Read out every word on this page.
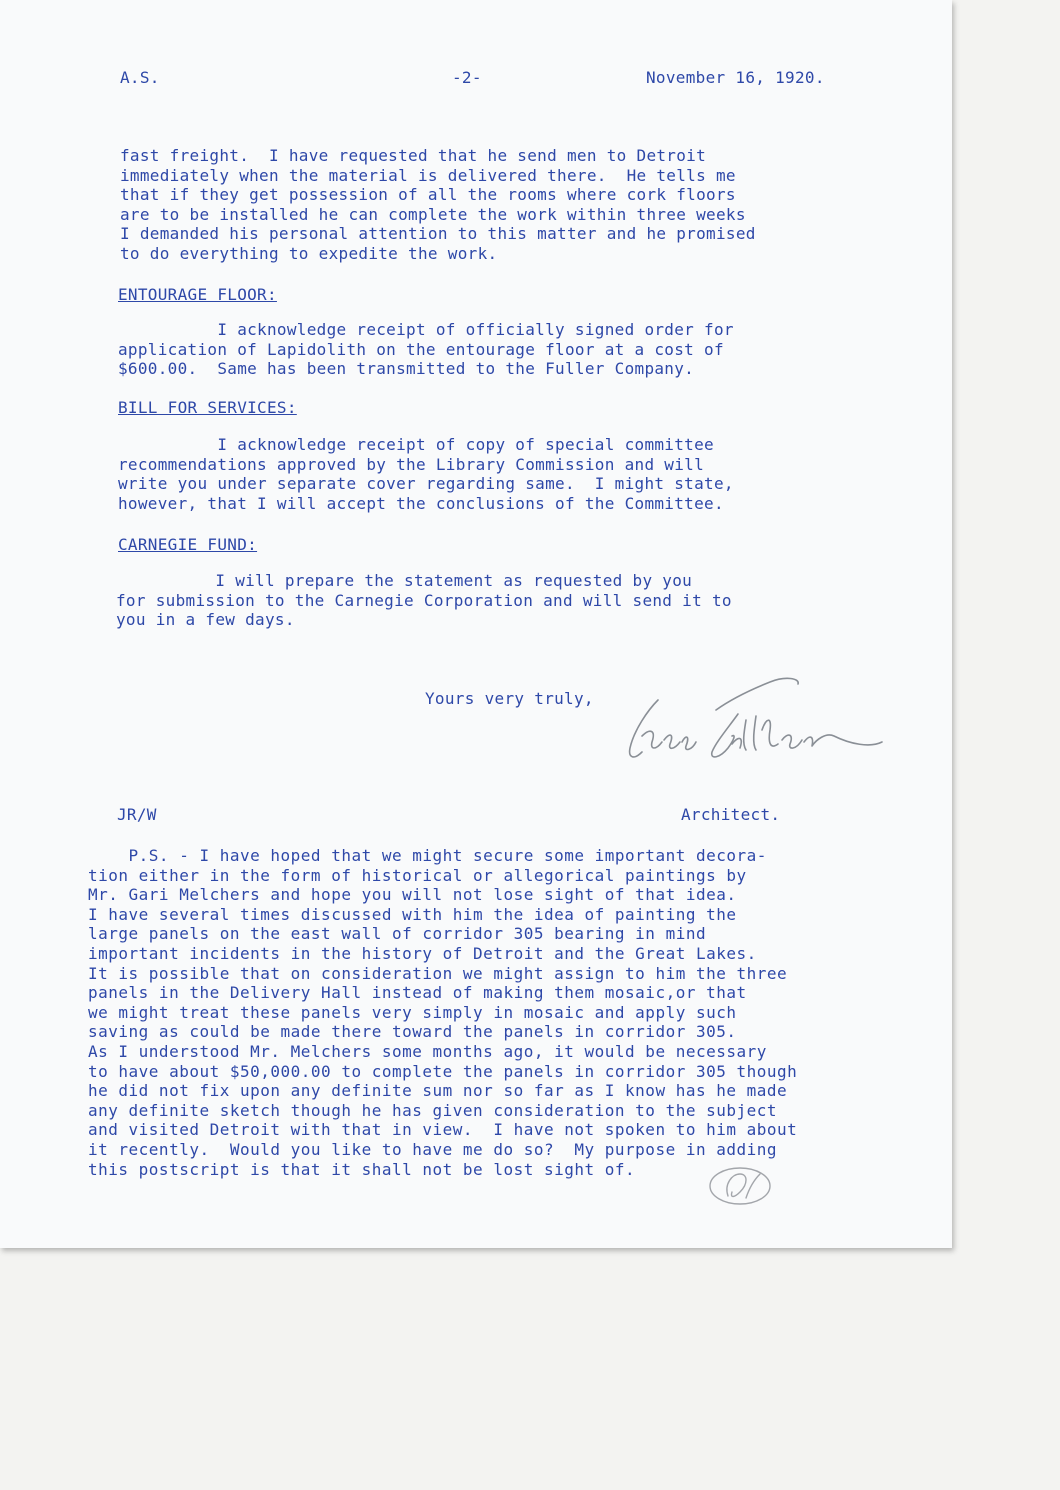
A.S.	-2-	November 16, 1920.
fast freight.  I have requested that he send men to Detroit
immediately when the material is delivered there.  He tells me
that if they get possession of all the rooms where cork floors
are to be installed he can complete the work within three weeks
I demanded his personal attention to this matter and he promised
to do everything to expedite the work.
ENTOURAGE FLOOR:
I acknowledge receipt of officially signed order for
application of Lapidolith on the entourage floor at a cost of
$600.00.  Same has been transmitted to the Fuller Company.
BILL FOR SERVICES:
I acknowledge receipt of copy of special committee
recommendations approved by the Library Commission and will
write you under separate cover regarding same.  I might state,
however, that I will accept the conclusions of the Committee.
CARNEGIE FUND:
I will prepare the statement as requested by you
for submission to the Carnegie Corporation and will send it to
you in a few days.
Yours very truly,
JR/W	Architect.
P.S. - I have hoped that we might secure some important decora-
tion either in the form of historical or allegorical paintings by
Mr. Gari Melchers and hope you will not lose sight of that idea.
I have several times discussed with him the idea of painting the
large panels on the east wall of corridor 305 bearing in mind
important incidents in the history of Detroit and the Great Lakes.
It is possible that on consideration we might assign to him the three
panels in the Delivery Hall instead of making them mosaic,or that
we might treat these panels very simply in mosaic and apply such
saving as could be made there toward the panels in corridor 305.
As I understood Mr. Melchers some months ago, it would be necessary
to have about $50,000.00 to complete the panels in corridor 305 though
he did not fix upon any definite sum nor so far as I know has he made
any definite sketch though he has given consideration to the subject
and visited Detroit with that in view.  I have not spoken to him about
it recently.  Would you like to have me do so?  My purpose in adding
this postscript is that it shall not be lost sight of.
